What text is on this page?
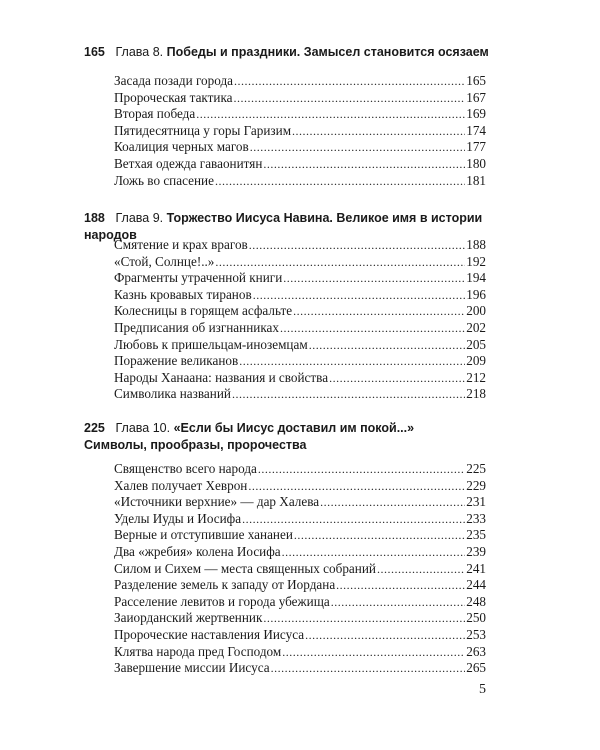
165 Глава 8. Победы и праздники. Замысел становится осязаем
Засада позади города .....	165
Пророческая тактика .....	167
Вторая победа .....	169
Пятидесятница у горы Гаризим .....	174
Коалиция черных магов .....	177
Ветхая одежда гаваонитян .....	180
Ложь во спасение .....	181
188 Глава 9. Торжество Иисуса Навина. Великое имя в истории народов
Смятение и крах врагов .....	188
«Стой, Солнце!..» .....	192
Фрагменты утраченной книги .....	194
Казнь кровавых тиранов .....	196
Колесницы в горящем асфальте .....	200
Предписания об изгнанниках .....	202
Любовь к пришельцам-иноземцам .....	205
Поражение великанов .....	209
Народы Ханаана: названия и свойства .....	212
Символика названий .....	218
225 Глава 10. «Если бы Иисус доставил им покой...»
Символы, прообразы, пророчества
Священство всего народа .....	225
Халев получает Хеврон .....	229
«Источники верхние» — дар Халева .....	231
Уделы Иуды и Иосифа .....	233
Верные и отступившие хананеи .....	235
Два «жребия» колена Иосифа .....	239
Силом и Сихем — места священных собраний .....	241
Разделение земель к западу от Иордана .....	244
Расселение левитов и города убежища .....	248
Заиорданский жертвенник .....	250
Пророческие наставления Иисуса .....	253
Клятва народа пред Господом .....	263
Завершение миссии Иисуса .....	265
5
